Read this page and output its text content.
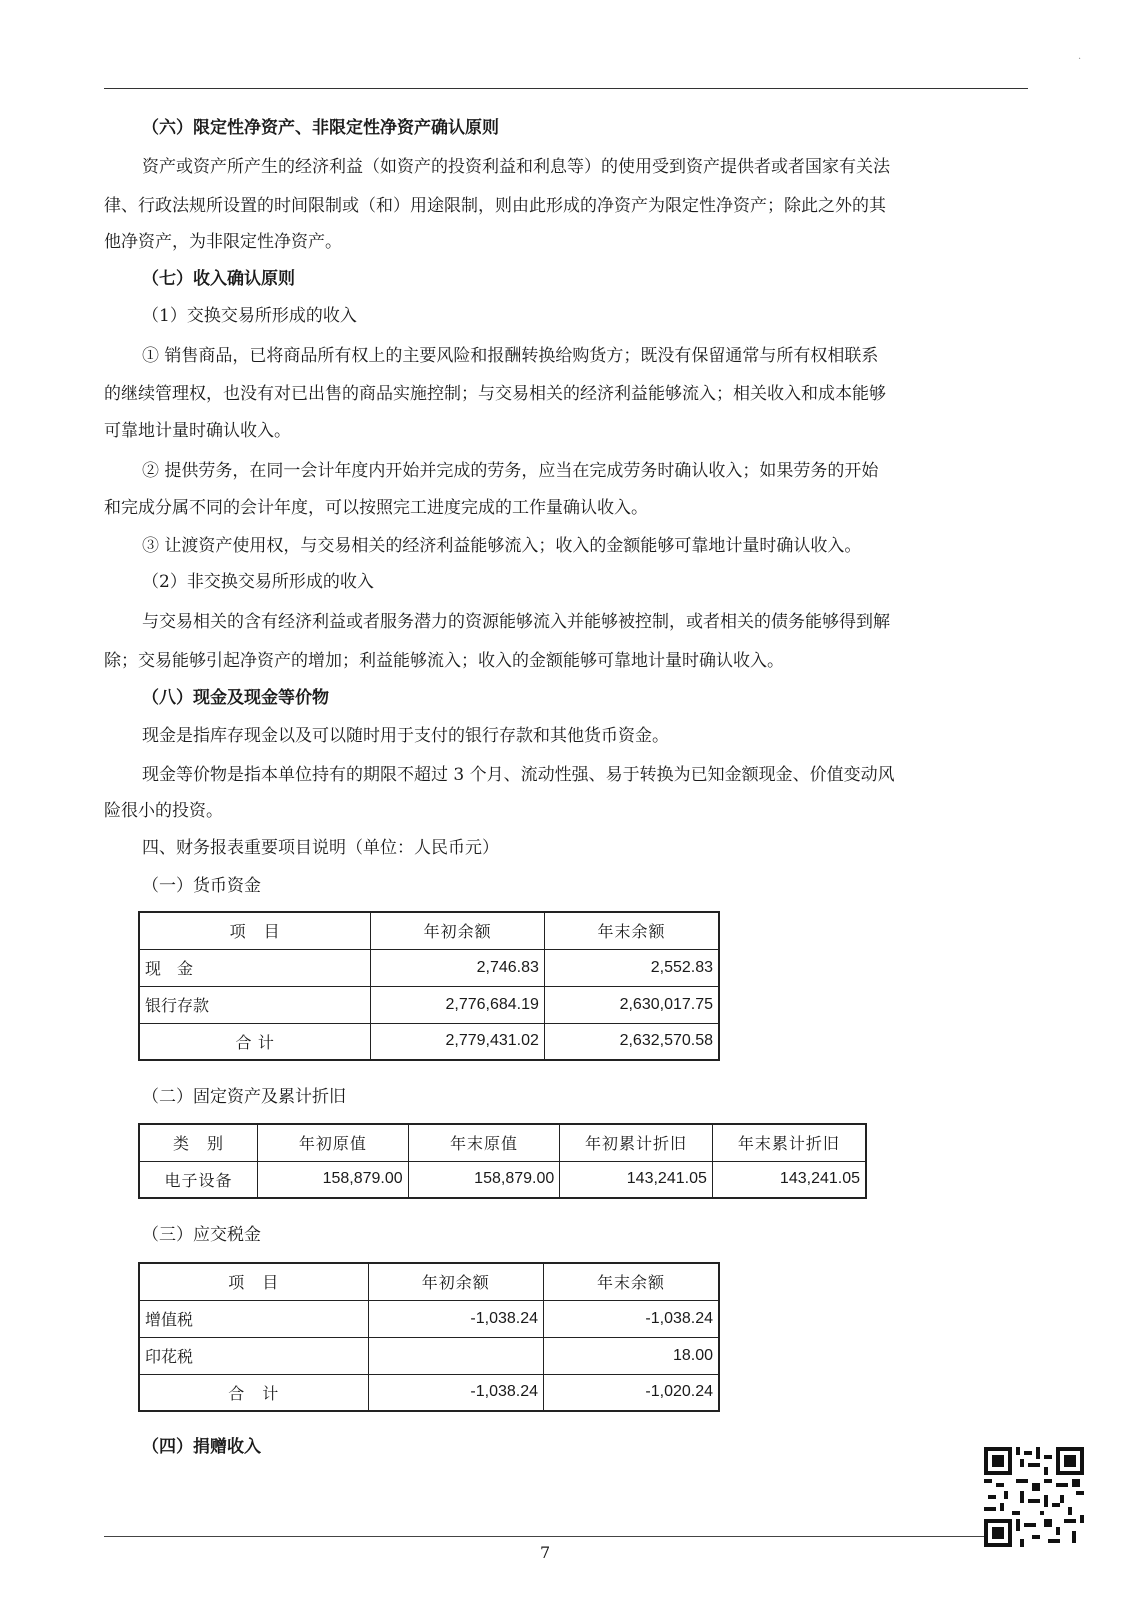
·
（六）限定性净资产、非限定性净资产确认原则
资产或资产所产生的经济利益（如资产的投资利益和利息等）的使用受到资产提供者或者国家有关法
律、行政法规所设置的时间限制或（和）用途限制，则由此形成的净资产为限定性净资产；除此之外的其
他净资产，为非限定性净资产。
（七）收入确认原则
（1）交换交易所形成的收入
① 销售商品，已将商品所有权上的主要风险和报酬转换给购货方；既没有保留通常与所有权相联系
的继续管理权，也没有对已出售的商品实施控制；与交易相关的经济利益能够流入；相关收入和成本能够
可靠地计量时确认收入。
② 提供劳务，在同一会计年度内开始并完成的劳务，应当在完成劳务时确认收入；如果劳务的开始
和完成分属不同的会计年度，可以按照完工进度完成的工作量确认收入。
③ 让渡资产使用权，与交易相关的经济利益能够流入；收入的金额能够可靠地计量时确认收入。
（2）非交换交易所形成的收入
与交易相关的含有经济利益或者服务潜力的资源能够流入并能够被控制，或者相关的债务能够得到解
除；交易能够引起净资产的增加；利益能够流入；收入的金额能够可靠地计量时确认收入。
（八）现金及现金等价物
现金是指库存现金以及可以随时用于支付的银行存款和其他货币资金。
现金等价物是指本单位持有的期限不超过 3 个月、流动性强、易于转换为已知金额现金、价值变动风
险很小的投资。
四、财务报表重要项目说明（单位：人民币元）
（一）货币资金
项　目	年初余额	年末余额
现　金	2,746.83	2,552.83
银行存款	2,776,684.19	2,630,017.75
合 计	2,779,431.02	2,632,570.58
（二）固定资产及累计折旧
类　别	年初原值	年末原值	年初累计折旧	年末累计折旧
电子设备	158,879.00	158,879.00	143,241.05	143,241.05
（三）应交税金
项　目	年初余额	年末余额
增值税	-1,038.24	-1,038.24
印花税		18.00
合　计	-1,038.24	-1,020.24
（四）捐赠收入
7
